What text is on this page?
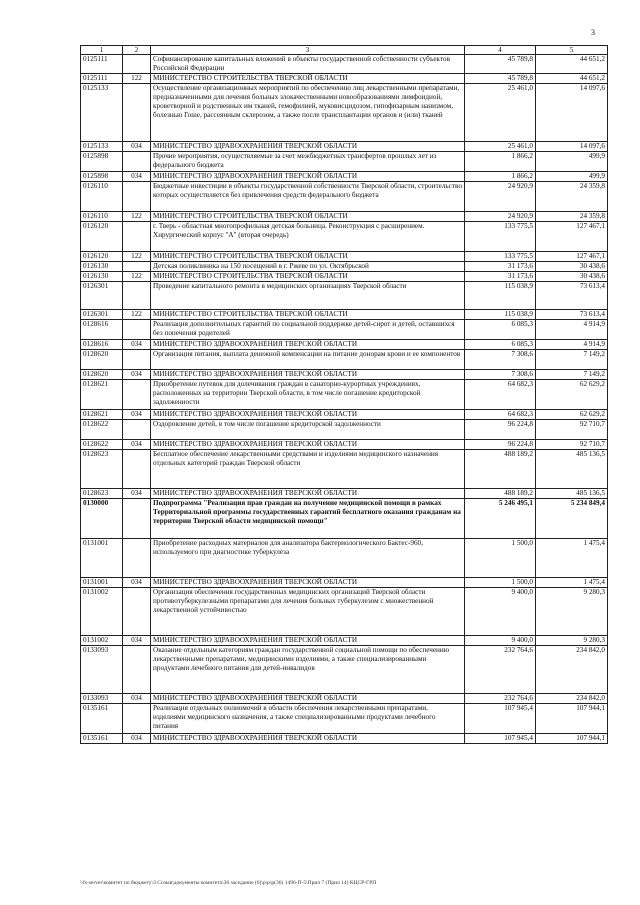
3
1	2	3	4	5
0125111		Софинансирование капитальных вложений в объекты государственной собственности субъектов Российской Федерации	45 789,8	44 651,2
0125111	122	МИНИСТЕРСТВО СТРОИТЕЛЬСТВА ТВЕРСКОЙ ОБЛАСТИ	45 789,8	44 651,2
0125133		Осуществление организационных мероприятий по обеспечению лиц лекарственными препаратами, предназначенными для лечения больных злокачественными новообразованиями лимфоидной, кроветворной и родственных им тканей, гемофилией, муковисцидозом, гипофизарным нанизмом, болезнью Гоше, рассеянным склерозом, а также после трансплантации органов и (или) тканей	25 461,0	14 097,6
0125133	034	МИНИСТЕРСТВО ЗДРАВООХРАНЕНИЯ ТВЕРСКОЙ ОБЛАСТИ	25 461,0	14 097,6
0125898		Прочие мероприятия, осуществляемые за счет межбюджетных трансфертов прошлых лет из федерального бюджета	1 866,2	499,9
0125898	034	МИНИСТЕРСТВО ЗДРАВООХРАНЕНИЯ ТВЕРСКОЙ ОБЛАСТИ	1 866,2	499,9
0126110		Бюджетные инвестиции в объекты государственной собственности Тверской области, строительство которых осуществляется без привлечения средств федерального бюджета	24 920,9	24 359,8
0126110	122	МИНИСТЕРСТВО СТРОИТЕЛЬСТВА ТВЕРСКОЙ ОБЛАСТИ	24 920,9	24 359,8
0126120		г. Тверь - областная многопрофильная детская больница. Реконструкция с расширением. Хирургический корпус "А" (вторая очередь)	133 775,5	127 467,1
0126120	122	МИНИСТЕРСТВО СТРОИТЕЛЬСТВА ТВЕРСКОЙ ОБЛАСТИ	133 775,5	127 467,1
0126130		Детская поликлиника на 150 посещений в г. Ржеве по ул. Октябрьской	31 173,6	30 438,6
0126130	122	МИНИСТЕРСТВО СТРОИТЕЛЬСТВА ТВЕРСКОЙ ОБЛАСТИ	31 173,6	30 438,6
0126301		Проведение капитального ремонта в медицинских организациях Тверской области	115 038,9	73 613,4
0126301	122	МИНИСТЕРСТВО СТРОИТЕЛЬСТВА ТВЕРСКОЙ ОБЛАСТИ	115 038,9	73 613,4
0128616		Реализация дополнительных гарантий по социальной поддержке детей-сирот и детей, оставшихся без попечения родителей	6 085,3	4 914,9
0128616	034	МИНИСТЕРСТВО ЗДРАВООХРАНЕНИЯ ТВЕРСКОЙ ОБЛАСТИ	6 085,3	4 914,9
0128620		Организация питания, выплата денежной компенсации на питание донорам крови и ее компонентов	7 308,6	7 149,2
0128620	034	МИНИСТЕРСТВО ЗДРАВООХРАНЕНИЯ ТВЕРСКОЙ ОБЛАСТИ	7 308,6	7 149,2
0128621		Приобретение путевок для долечивания граждан в санаторно-курортных учреждениях, расположенных на территории Тверской области, в том числе погашение кредиторской задолженности	64 682,3	62 629,2
0128621	034	МИНИСТЕРСТВО ЗДРАВООХРАНЕНИЯ ТВЕРСКОЙ ОБЛАСТИ	64 682,3	62 629,2
0128622		Оздоровление детей, в том числе погашение кредиторской задолженности	96 224,8	92 710,7
0128622	034	МИНИСТЕРСТВО ЗДРАВООХРАНЕНИЯ ТВЕРСКОЙ ОБЛАСТИ	96 224,8	92 710,7
0128623		Бесплатное обеспечение лекарственными средствами и изделиями медицинского назначения отдельных категорий граждан Тверской области	488 189,2	485 136,5
0128623	034	МИНИСТЕРСТВО ЗДРАВООХРАНЕНИЯ ТВЕРСКОЙ ОБЛАСТИ	488 189,2	485 136,5
0130000		Подпрограмма "Реализация прав граждан на получение медицинской помощи в рамках Территориальной программы государственных гарантий бесплатного оказания гражданам на территории Тверской области медицинской помощи"	5 246 495,1	5 234 849,4
0131001		Приобретение расходных материалов для анализатора бактериологического Бактес-960, используемого при диагностике туберкулеза	1 500,0	1 475,4
0131001	034	МИНИСТЕРСТВО ЗДРАВООХРАНЕНИЯ ТВЕРСКОЙ ОБЛАСТИ	1 500,0	1 475,4
0131002		Организация обеспечения государственных медицинских организаций Тверской области противотуберкулезными препаратами для лечения больных туберкулезом с множественной лекарственной устойчивостью	9 400,0	9 280,3
0131002	034	МИНИСТЕРСТВО ЗДРАВООХРАНЕНИЯ ТВЕРСКОЙ ОБЛАСТИ	9 400,0	9 280,3
0133093		Оказание отдельным категориям граждан государственной социальной помощи по обеспечению лекарственными препаратами, медицинскими изделиями, а также специализированными продуктами лечебного питания для детей-инвалидов	232 764,6	234 842,0
0133093	034	МИНИСТЕРСТВО ЗДРАВООХРАНЕНИЯ ТВЕРСКОЙ ОБЛАСТИ	232 764,6	234 842,0
0135161		Реализация отдельных полномочий в области обеспечения лекарственными препаратами, изделиями медицинского назначения, а также специализированными продуктами лечебного питания	107 945,4	107 944,1
0135161	034	МИНИСТЕРСТВО ЗДРАВООХРАНЕНИЯ ТВЕРСКОЙ ОБЛАСТИ	107 945,4	107 944,1
\\fs-server\комитет по бюджету\3 Созыв\документы комитета\36 заседание (6)\p\p\p(36) 1496-П-5\Прил 7 (Прил 14) КЦСР-ГРП
